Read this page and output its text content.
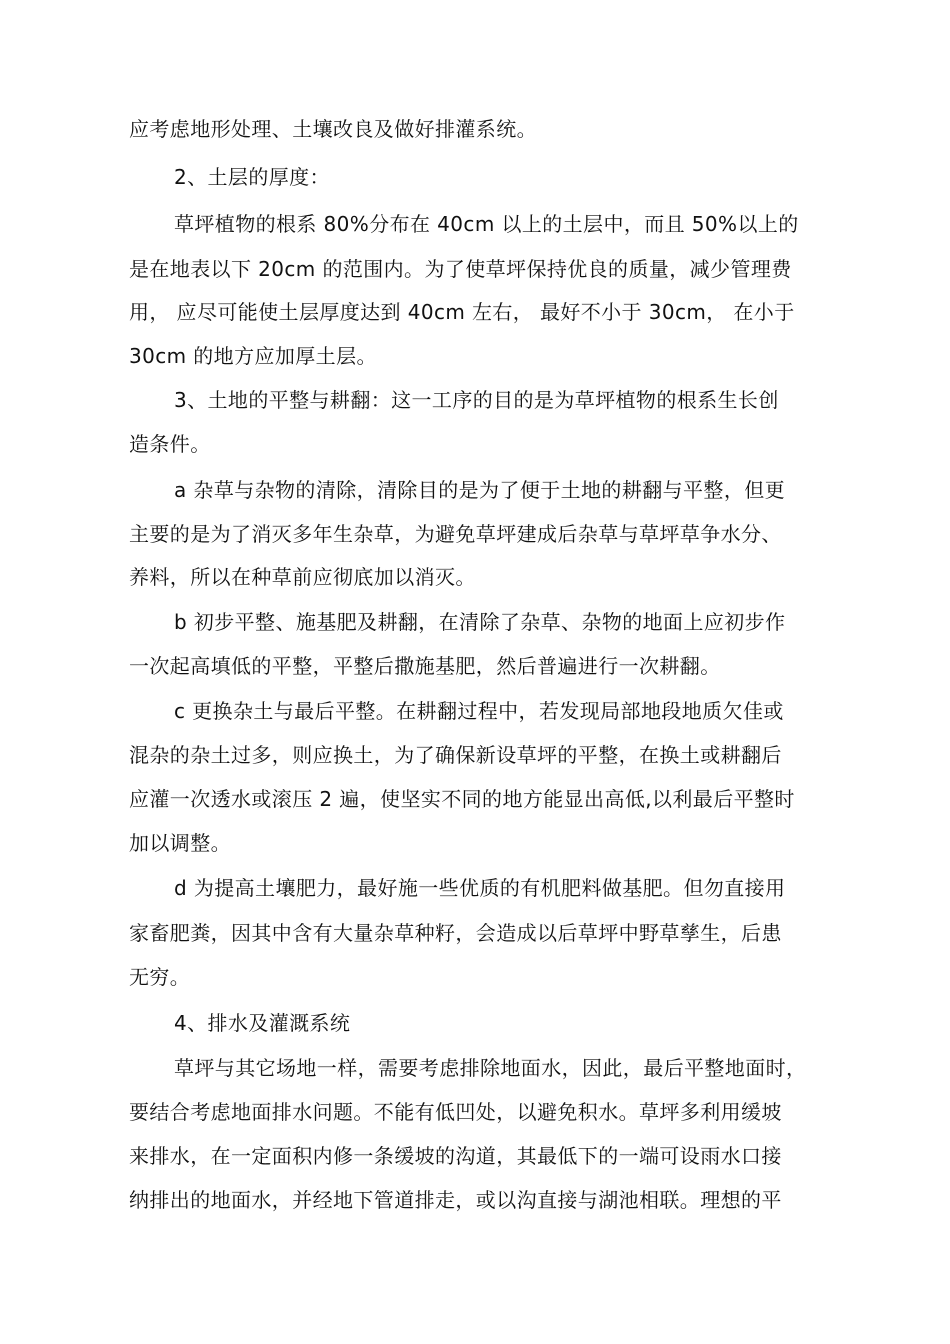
应考虑地形处理、土壤改良及做好排灌系统。
2、土层的厚度：
草坪植物的根系 80%分布在 40cm 以上的土层中，而且 50%以上的
是在地表以下 20cm 的范围内。为了使草坪保持优良的质量，减少管理费
用， 应尽可能使土层厚度达到 40cm 左右， 最好不小于 30cm， 在小于
30cm 的地方应加厚土层。
3、土地的平整与耕翻：这一工序的目的是为草坪植物的根系生长创
造条件。
a 杂草与杂物的清除，清除目的是为了便于土地的耕翻与平整，但更
主要的是为了消灭多年生杂草，为避免草坪建成后杂草与草坪草争水分、
养料，所以在种草前应彻底加以消灭。
b 初步平整、施基肥及耕翻，在清除了杂草、杂物的地面上应初步作
一次起高填低的平整，平整后撒施基肥，然后普遍进行一次耕翻。
c 更换杂土与最后平整。在耕翻过程中，若发现局部地段地质欠佳或
混杂的杂土过多，则应换土，为了确保新设草坪的平整，在换土或耕翻后
应灌一次透水或滚压 2 遍，使坚实不同的地方能显出高低,以利最后平整时
加以调整。
d 为提高土壤肥力，最好施一些优质的有机肥料做基肥。但勿直接用
家畜肥粪，因其中含有大量杂草种籽，会造成以后草坪中野草孳生，后患
无穷。
4、排水及灌溉系统
草坪与其它场地一样，需要考虑排除地面水，因此，最后平整地面时，
要结合考虑地面排水问题。不能有低凹处，以避免积水。草坪多利用缓坡
来排水，在一定面积内修一条缓坡的沟道，其最低下的一端可设雨水口接
纳排出的地面水，并经地下管道排走，或以沟直接与湖池相联。理想的平
